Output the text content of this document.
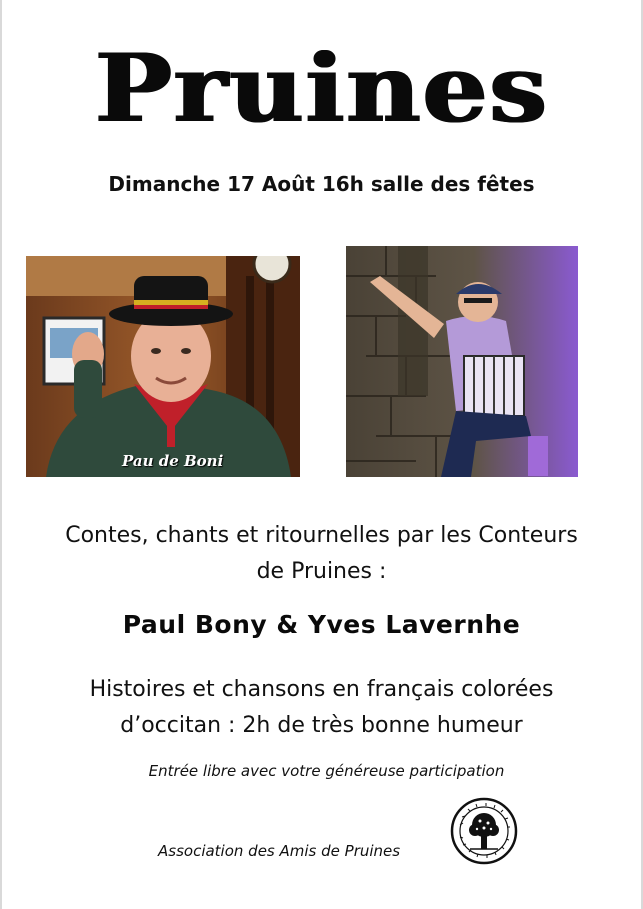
Pruines
Dimanche 17 Août 16h salle des fêtes
Pau de Boni
Contes, chants et ritournelles par les Conteurs
de Pruines :
Paul Bony & Yves Lavernhe
Histoires et chansons en français colorées
d’occitan : 2h de très bonne humeur
Entrée libre avec votre généreuse participation
Association des Amis de Pruines
